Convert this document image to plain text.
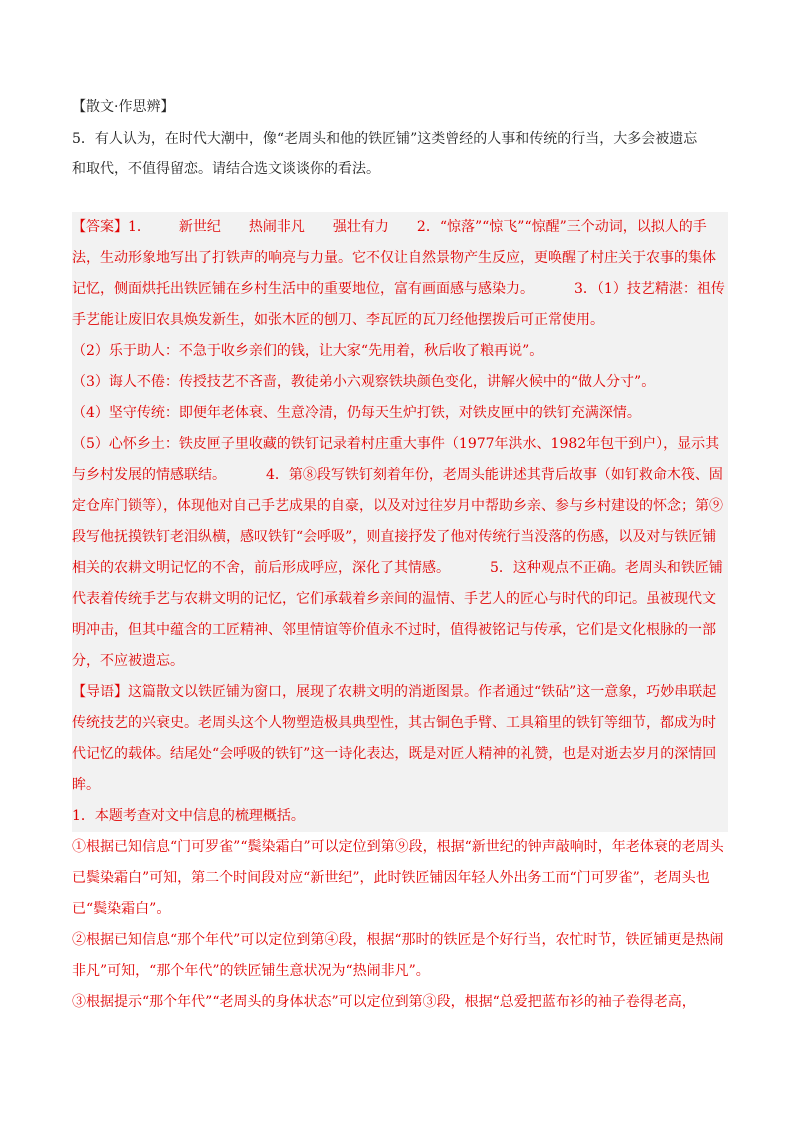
【散文·作思辨】

5．有人认为，在时代大潮中，像“老周头和他的铁匠铺”这类曾经的人事和传统的行当，大多会被遗忘

和取代，不值得留恋。请结合选文谈谈你的看法。

【答案】1． 新世纪 热闹非凡 强壮有力 2．“惊落”“惊飞”“惊醒”三个动词，以拟人的手法，生动形象地写出了打铁声的响亮与力量。它不仅让自然景物产生反应，更唤醒了村庄关于农事的集体记忆，侧面烘托出铁匠铺在乡村生活中的重要地位，富有画面感与感染力。	3．（1）技艺精湛：祖传手艺能让废旧农具焕发新生，如张木匠的刨刀、李瓦匠的瓦刀经他摆拨后可正常使用。

（2）乐于助人：不急于收乡亲们的钱，让大家“先用着，秋后收了粮再说”。

（3）诲人不倦：传授技艺不吝啬，教徒弟小六观察铁块颜色变化，讲解火候中的“做人分寸”。

（4）坚守传统：即便年老体衰、生意冷清，仍每天生炉打铁，对铁皮匣中的铁钉充满深情。

（5）心怀乡土：铁皮匣子里收藏的铁钉记录着村庄重大事件（1977年洪水、1982年包干到户），显示其与乡村发展的情感联结。	4．第⑧段写铁钉刻着年份，老周头能讲述其背后故事（如钉救命木筏、固定仓库门锁等），体现他对自己手艺成果的自豪，以及对过往岁月中帮助乡亲、参与乡村建设的怀念；第⑨段写他抚摸铁钉老泪纵横，感叹铁钉“会呼吸”，则直接抒发了他对传统行当没落的伤感，以及对与铁匠铺相关的农耕文明记忆的不舍，前后形成呼应，深化了其情感。	5．这种观点不正确。老周头和铁匠铺代表着传统手艺与农耕文明的记忆，它们承载着乡亲间的温情、手艺人的匠心与时代的印记。虽被现代文明冲击，但其中蕴含的工匠精神、邻里情谊等价值永不过时，值得被铭记与传承，它们是文化根脉的一部分，不应被遗忘。

【导语】这篇散文以铁匠铺为窗口，展现了农耕文明的消逝图景。作者通过“铁砧”这一意象，巧妙串联起传统技艺的兴衰史。老周头这个人物塑造极具典型性，其古铜色手臂、工具箱里的铁钉等细节，都成为时代记忆的载体。结尾处“会呼吸的铁钉”这一诗化表达，既是对匠人精神的礼赞，也是对逝去岁月的深情回眸。

1．本题考查对文中信息的梳理概括。

①根据已知信息“门可罗雀”“鬓染霜白”可以定位到第⑨段，根据“新世纪的钟声敲响时，年老体衰的老周头已鬓染霜白”可知，第二个时间段对应“新世纪”，此时铁匠铺因年轻人外出务工而“门可罗雀”，老周头也已“鬓染霜白”。

②根据已知信息“那个年代”可以定位到第④段，根据“那时的铁匠是个好行当，农忙时节，铁匠铺更是热闹非凡”可知，“那个年代”的铁匠铺生意状况为“热闹非凡”。

③根据提示“那个年代”“老周头的身体状态”可以定位到第③段，根据“总爱把蓝布衫的袖子卷得老高，
